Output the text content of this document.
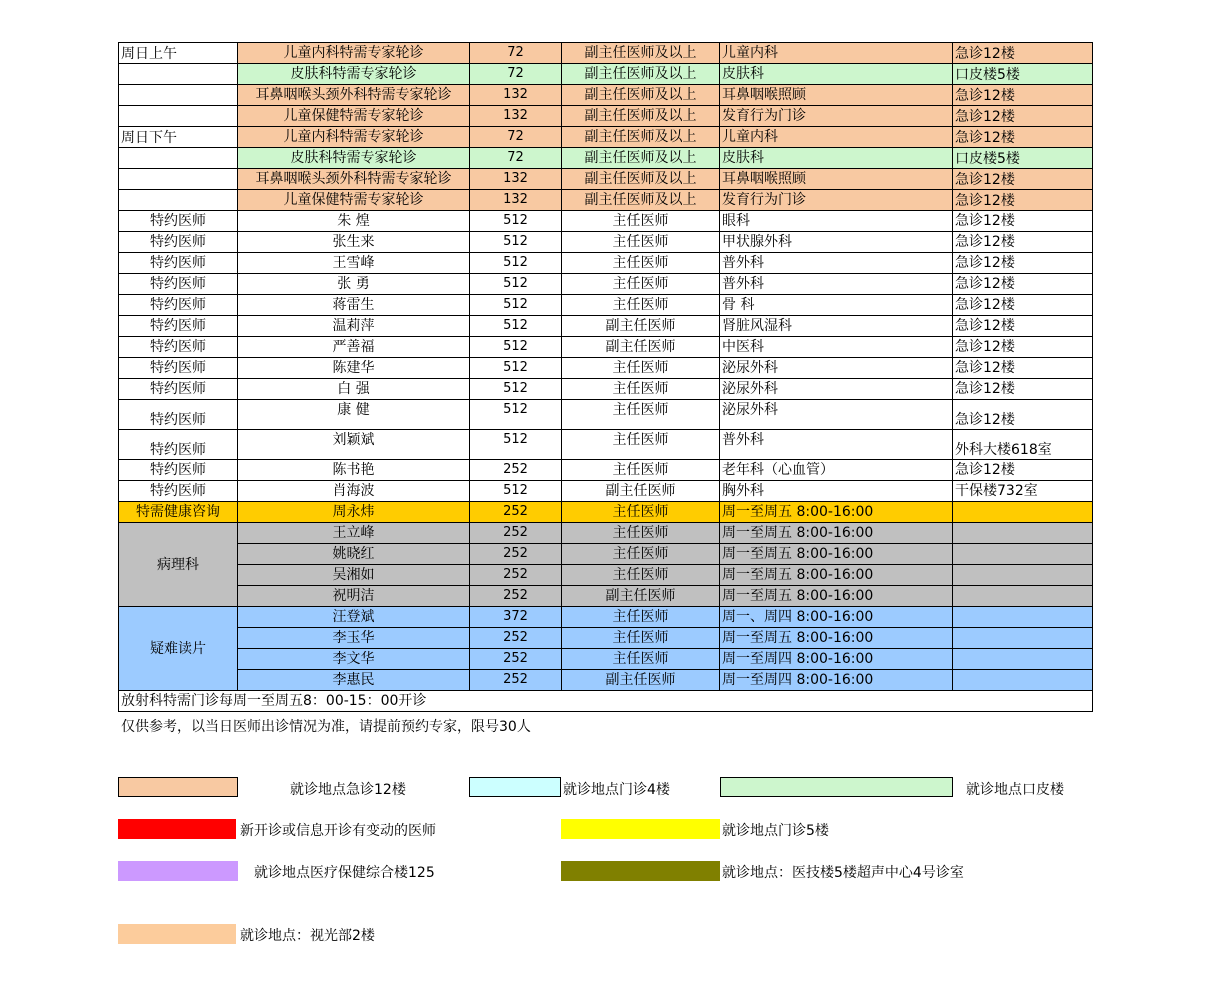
周日上午	儿童内科特需专家轮诊	72	副主任医师及以上	儿童内科	急诊12楼
	皮肤科特需专家轮诊	72	副主任医师及以上	皮肤科	口皮楼5楼
	耳鼻咽喉头颈外科特需专家轮诊	132	副主任医师及以上	耳鼻咽喉照顾	急诊12楼
	儿童保健特需专家轮诊	132	副主任医师及以上	发育行为门诊	急诊12楼
周日下午	儿童内科特需专家轮诊	72	副主任医师及以上	儿童内科	急诊12楼
	皮肤科特需专家轮诊	72	副主任医师及以上	皮肤科	口皮楼5楼
	耳鼻咽喉头颈外科特需专家轮诊	132	副主任医师及以上	耳鼻咽喉照顾	急诊12楼
	儿童保健特需专家轮诊	132	副主任医师及以上	发育行为门诊	急诊12楼
特约医师	朱 煌	512	主任医师	眼科	急诊12楼
特约医师	张生来	512	主任医师	甲状腺外科	急诊12楼
特约医师	王雪峰	512	主任医师	普外科	急诊12楼
特约医师	张 勇	512	主任医师	普外科	急诊12楼
特约医师	蒋雷生	512	主任医师	骨 科	急诊12楼
特约医师	温莉萍	512	副主任医师	肾脏风湿科	急诊12楼
特约医师	严善福	512	副主任医师	中医科	急诊12楼
特约医师	陈建华	512	主任医师	泌尿外科	急诊12楼
特约医师	白 强	512	主任医师	泌尿外科	急诊12楼
特约医师	康 健	512	主任医师	泌尿外科	急诊12楼
特约医师	刘颖斌	512	主任医师	普外科	外科大楼618室
特约医师	陈书艳	252	主任医师	老年科（心血管）	急诊12楼
特约医师	肖海波	512	副主任医师	胸外科	干保楼732室
特需健康咨询	周永炜	252	主任医师	周一至周五 8:00-16:00	
病理科	王立峰	252	主任医师	周一至周五 8:00-16:00	
	姚晓红	252	主任医师	周一至周五 8:00-16:00	
	吴湘如	252	主任医师	周一至周五 8:00-16:00	
	祝明洁	252	副主任医师	周一至周五 8:00-16:00	
疑难读片	汪登斌	372	主任医师	周一、周四 8:00-16:00	
	李玉华	252	主任医师	周一至周五 8:00-16:00	
	李文华	252	主任医师	周一至周四 8:00-16:00	
	李惠民	252	副主任医师	周一至周四 8:00-16:00	
放射科特需门诊每周一至周五8：00-15：00开诊					
仅供参考，以当日医师出诊情况为准，请提前预约专家，限号30人
就诊地点急诊12楼	就诊地点门诊4楼	就诊地点口皮楼
新开诊或信息开诊有变动的医师	就诊地点门诊5楼
就诊地点医疗保健综合楼125	就诊地点：医技楼5楼超声中心4号诊室
就诊地点：视光部2楼
